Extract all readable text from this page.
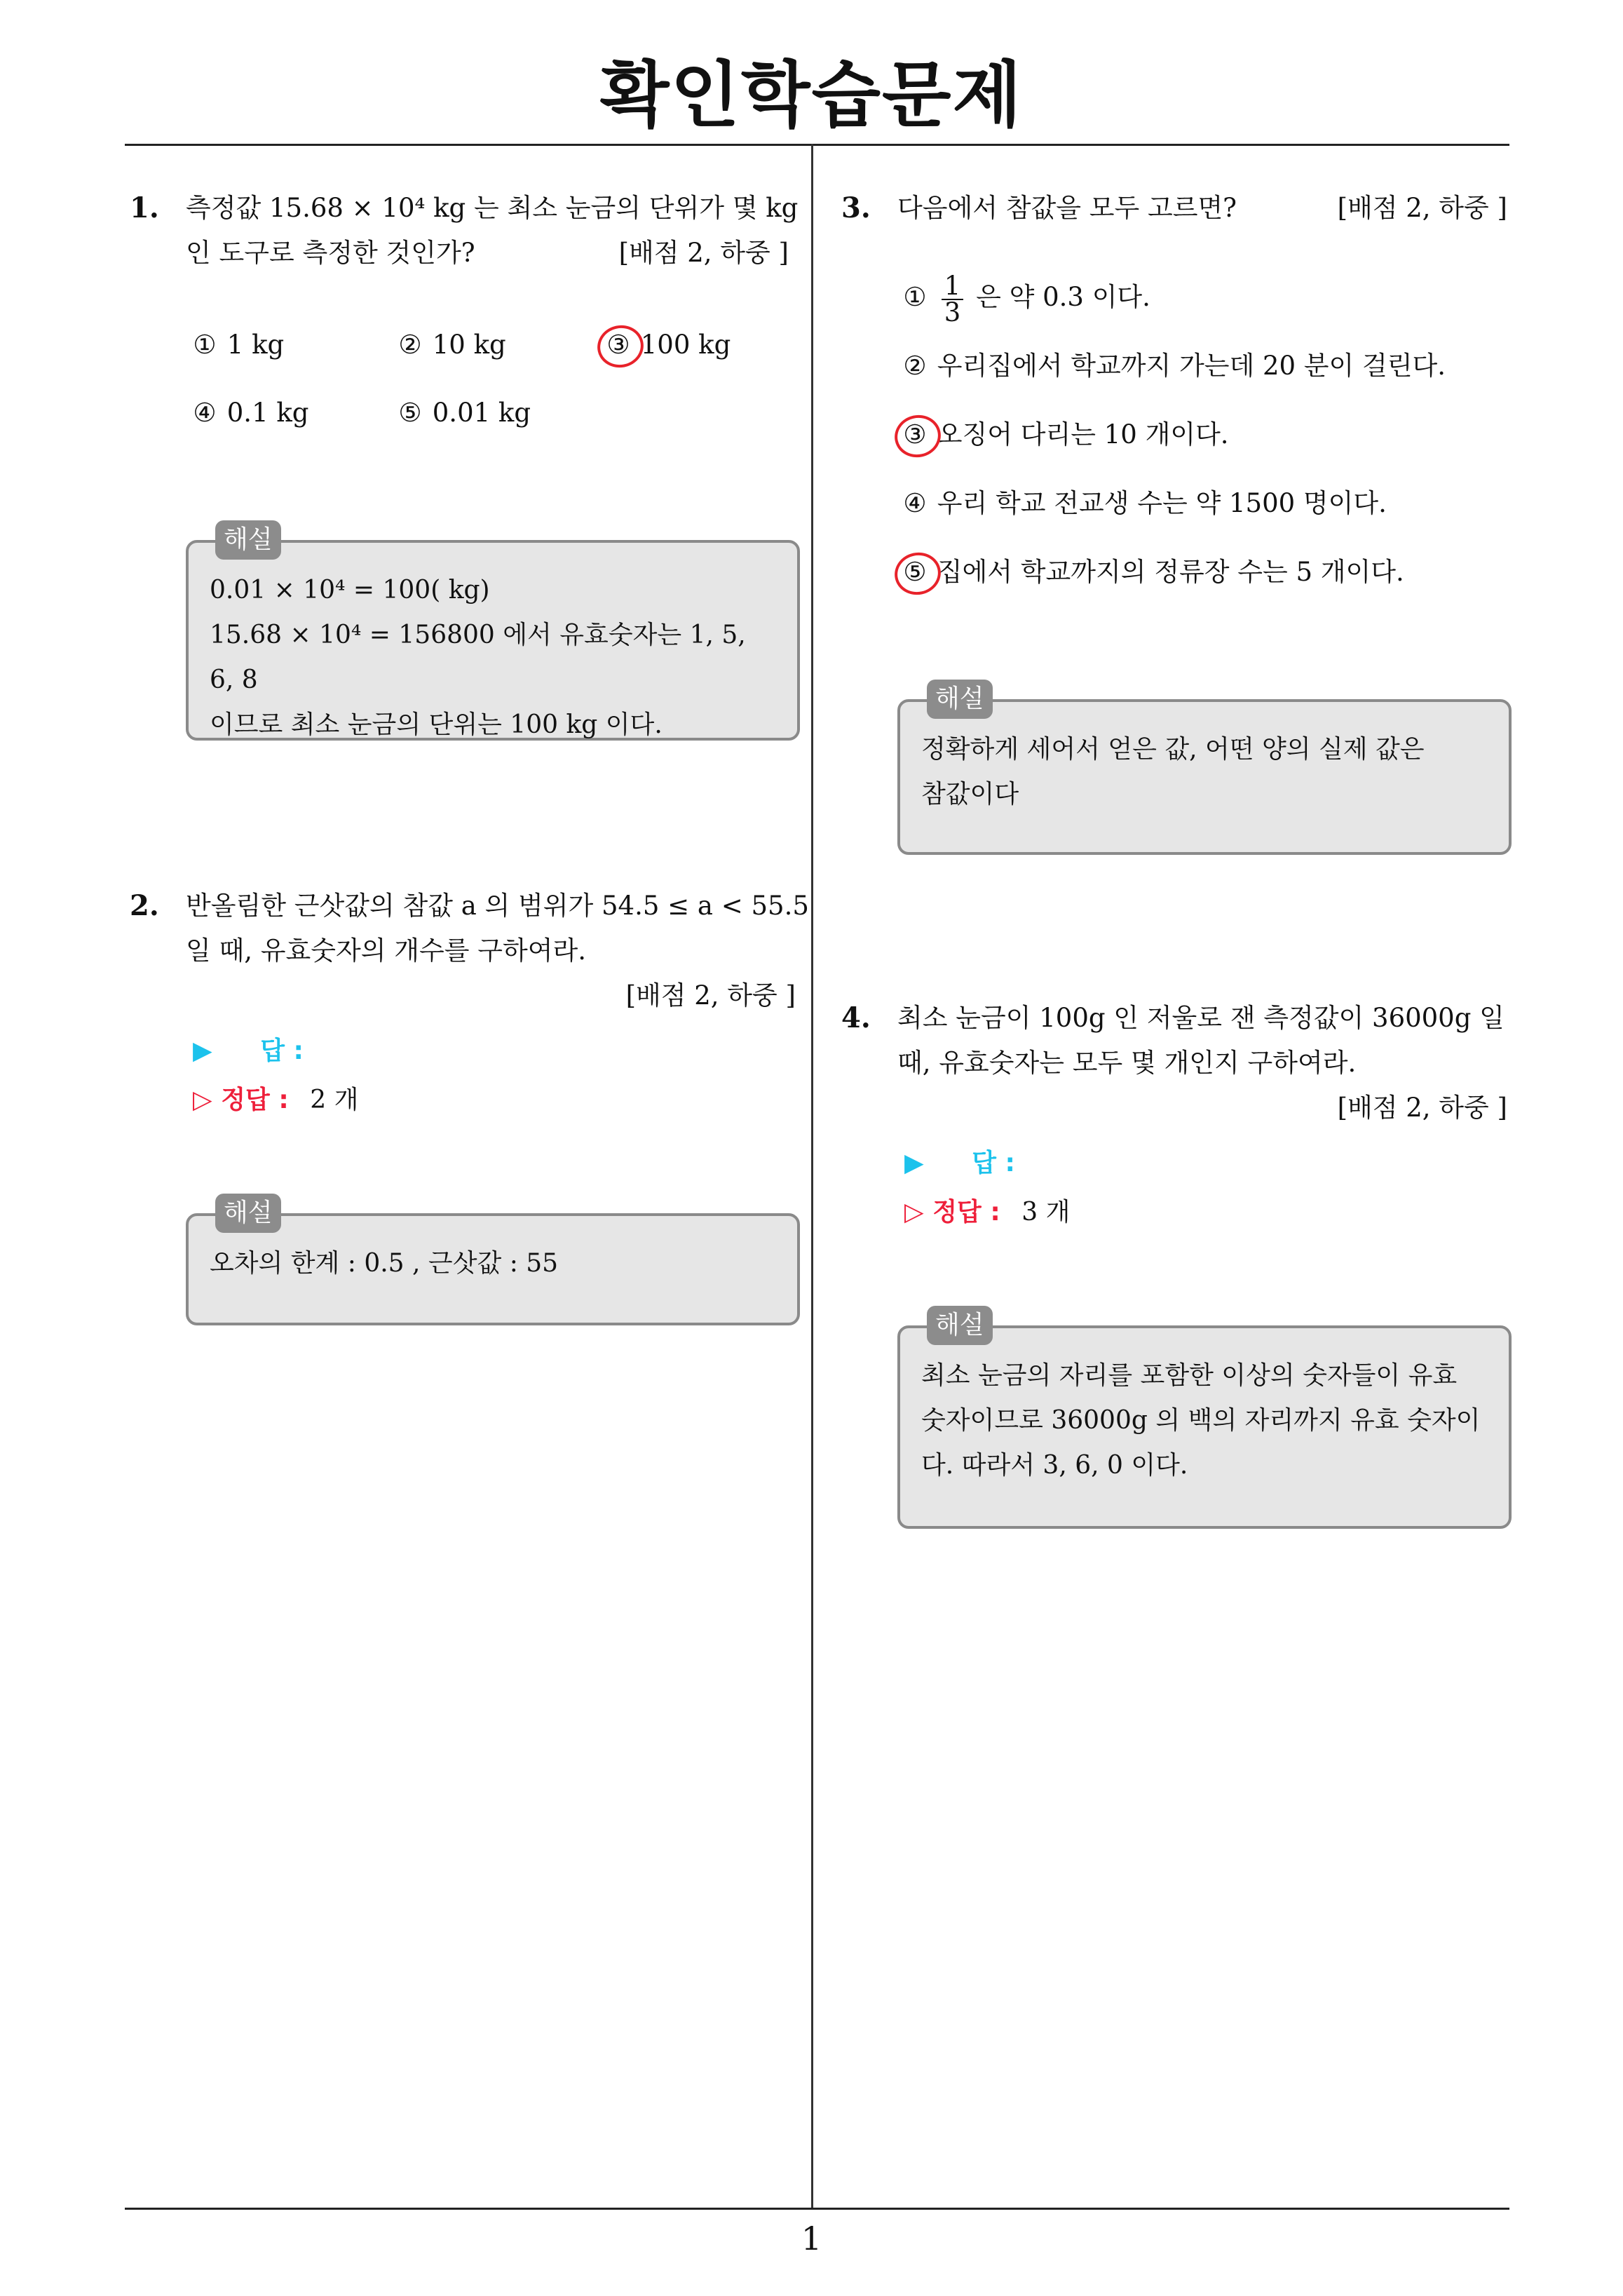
확인학습문제
1
1. 측정값 15.68 × 10⁴ kg 는 최소 눈금의 단위가 몇 kg
인 도구로 측정한 것인가?	[배점 2, 하중 ]
① 1 kg	② 10 kg	③ 100 kg
④ 0.1 kg	⑤ 0.01 kg
해설
0.01 × 10⁴ = 100( kg)
15.68 × 10⁴ = 156800 에서 유효숫자는 1, 5, 6, 8
이므로 최소 눈금의 단위는 100 kg 이다.
2. 반올림한 근삿값의 참값 a 의 범위가 54.5 ≤ a < 55.5
일 때, 유효숫자의 개수를 구하여라.
[배점 2, 하중 ]
▶ 답 :
▷ 정답 : 2 개
해설
오차의 한계 : 0.5 , 근삿값 : 55
3. 다음에서 참값을 모두 고르면?	[배점 2, 하중 ]
① $\frac{1}{3}$ 은 약 0.3 이다.
② 우리집에서 학교까지 가는데 20 분이 걸린다.
③ 오징어 다리는 10 개이다.
④ 우리 학교 전교생 수는 약 1500 명이다.
⑤ 집에서 학교까지의 정류장 수는 5 개이다.
해설
정확하게 세어서 얻은 값, 어떤 양의 실제 값은
참값이다
4. 최소 눈금이 100g 인 저울로 잰 측정값이 36000g 일
때, 유효숫자는 모두 몇 개인지 구하여라.
[배점 2, 하중 ]
▶ 답 :
▷ 정답 : 3 개
해설
최소 눈금의 자리를 포함한 이상의 숫자들이 유효
숫자이므로 36000g 의 백의 자리까지 유효 숫자이
다. 따라서 3, 6, 0 이다.
